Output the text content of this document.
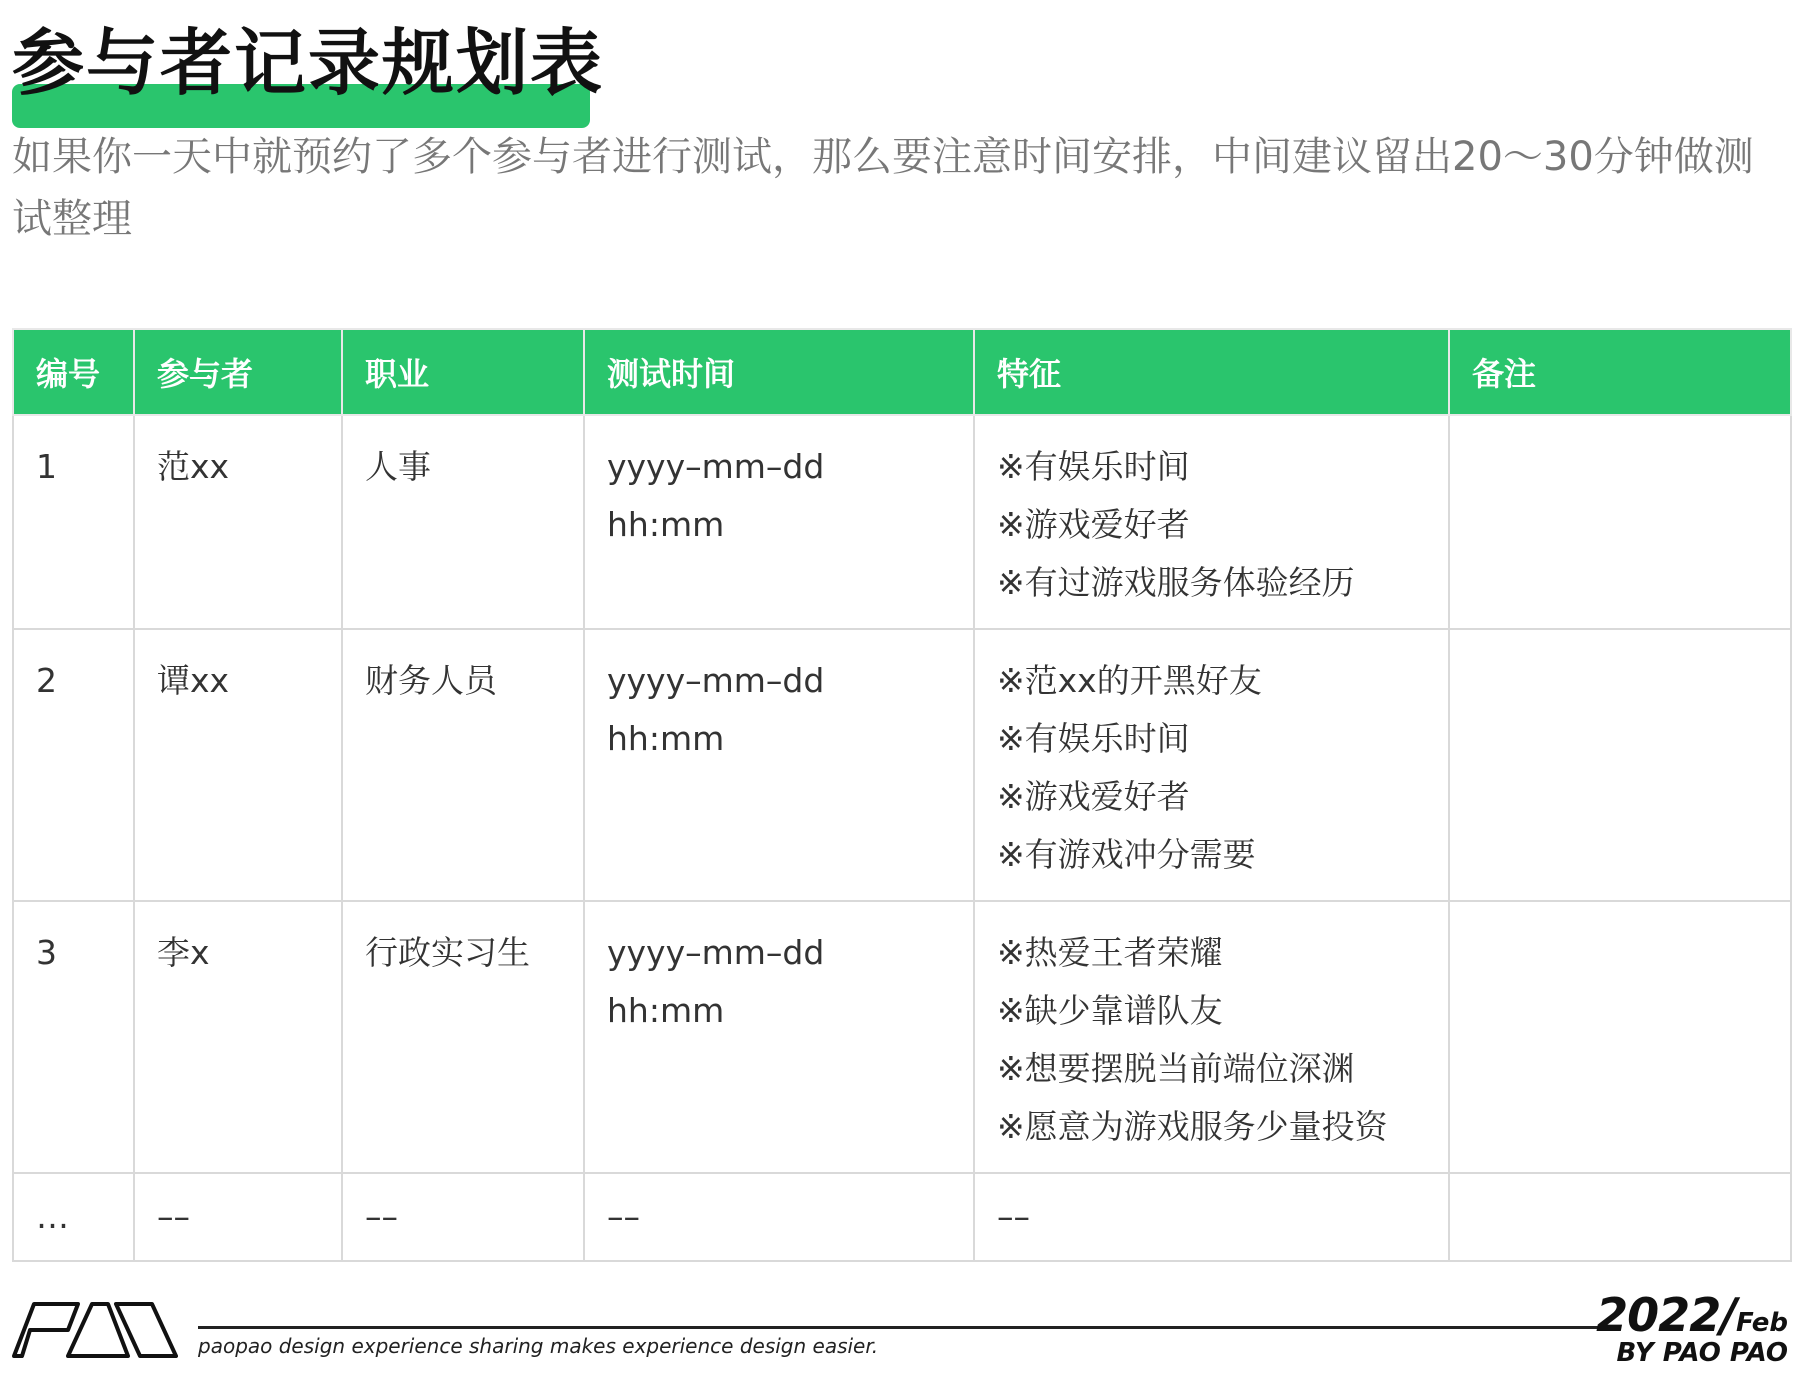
参与者记录规划表

如果你一天中就预约了多个参与者进行测试，那么要注意时间安排，中间建议留出20～30分钟做测试整理

编号	参与者	职业	测试时间	特征	备注
1	范xx	人事	yyyy–mm–dd hh:mm	※有娱乐时间
※游戏爱好者
※有过游戏服务体验经历	

2	谭xx	财务人员	yyyy–mm–dd hh:mm	※范xx的开黑好友
※有娱乐时间
※游戏爱好者
※有游戏冲分需要	

3	李x	行政实习生	yyyy–mm–dd hh:mm	※热爱王者荣耀
※缺少靠谱队友
※想要摆脱当前端位深渊
※愿意为游戏服务少量投资	

…	––	––	––	––	

paopao design experience sharing makes experience design easier.

2022/Feb
BY PAO PAO
